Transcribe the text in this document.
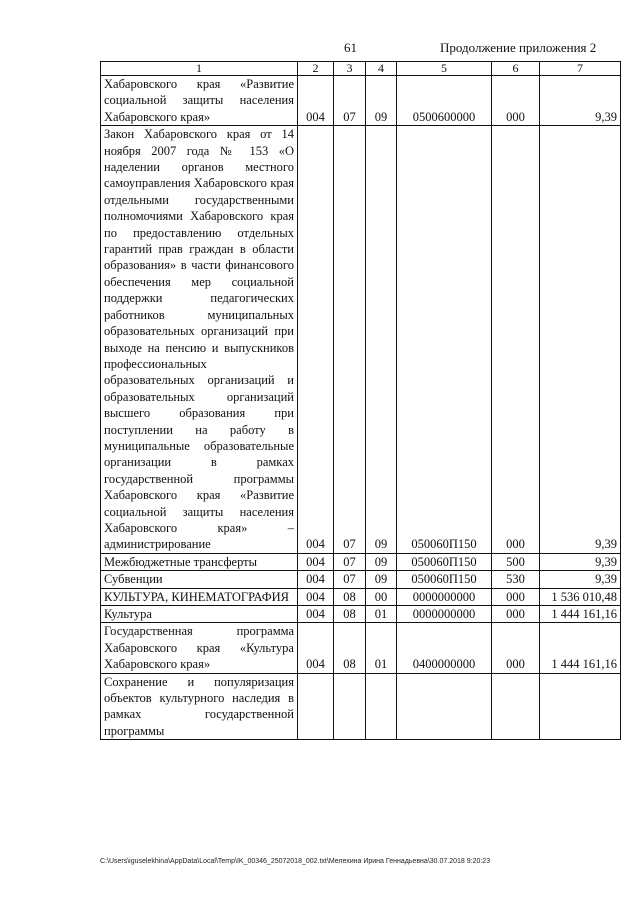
61	Продолжение приложения 2
1	2	3	4	5	6	7
Хабаровского края «Развитие социальной защиты населения Хабаровского края»	004	07	09	0500600000	000	9,39
Закон Хабаровского края от 14 ноября 2007 года № 153 «О наделении органов местного самоуправления Хабаровского края отдельными государственными полномочиями Хабаровского края по предоставлению отдельных гарантий прав граждан в области образования» в части финансового обеспечения мер социальной поддержки педагогических работников муниципальных образовательных организаций при выходе на пенсию и выпускников профессиональных образовательных организаций и образовательных организаций высшего образования при поступлении на работу в муниципальные образовательные организации в рамках государственной программы Хабаровского края «Развитие социальной защиты населения Хабаровского края» – администрирование	004	07	09	050060П150	000	9,39
Межбюджетные трансферты	004	07	09	050060П150	500	9,39
Субвенции	004	07	09	050060П150	530	9,39
КУЛЬТУРА, КИНЕМАТОГРАФИЯ	004	08	00	0000000000	000	1 536 010,48
Культура	004	08	01	0000000000	000	1 444 161,16
Государственная программа Хабаровского края «Культура Хабаровского края»	004	08	01	0400000000	000	1 444 161,16
Сохранение и популяризация объектов культурного наследия в рамках государственной программы						
C:\Users\iguselekhina\AppData\Local\Temp\IK_00346_25072018_002.txt\Мелехина Ирина Геннадьевна\30.07.2018 9:20:23
